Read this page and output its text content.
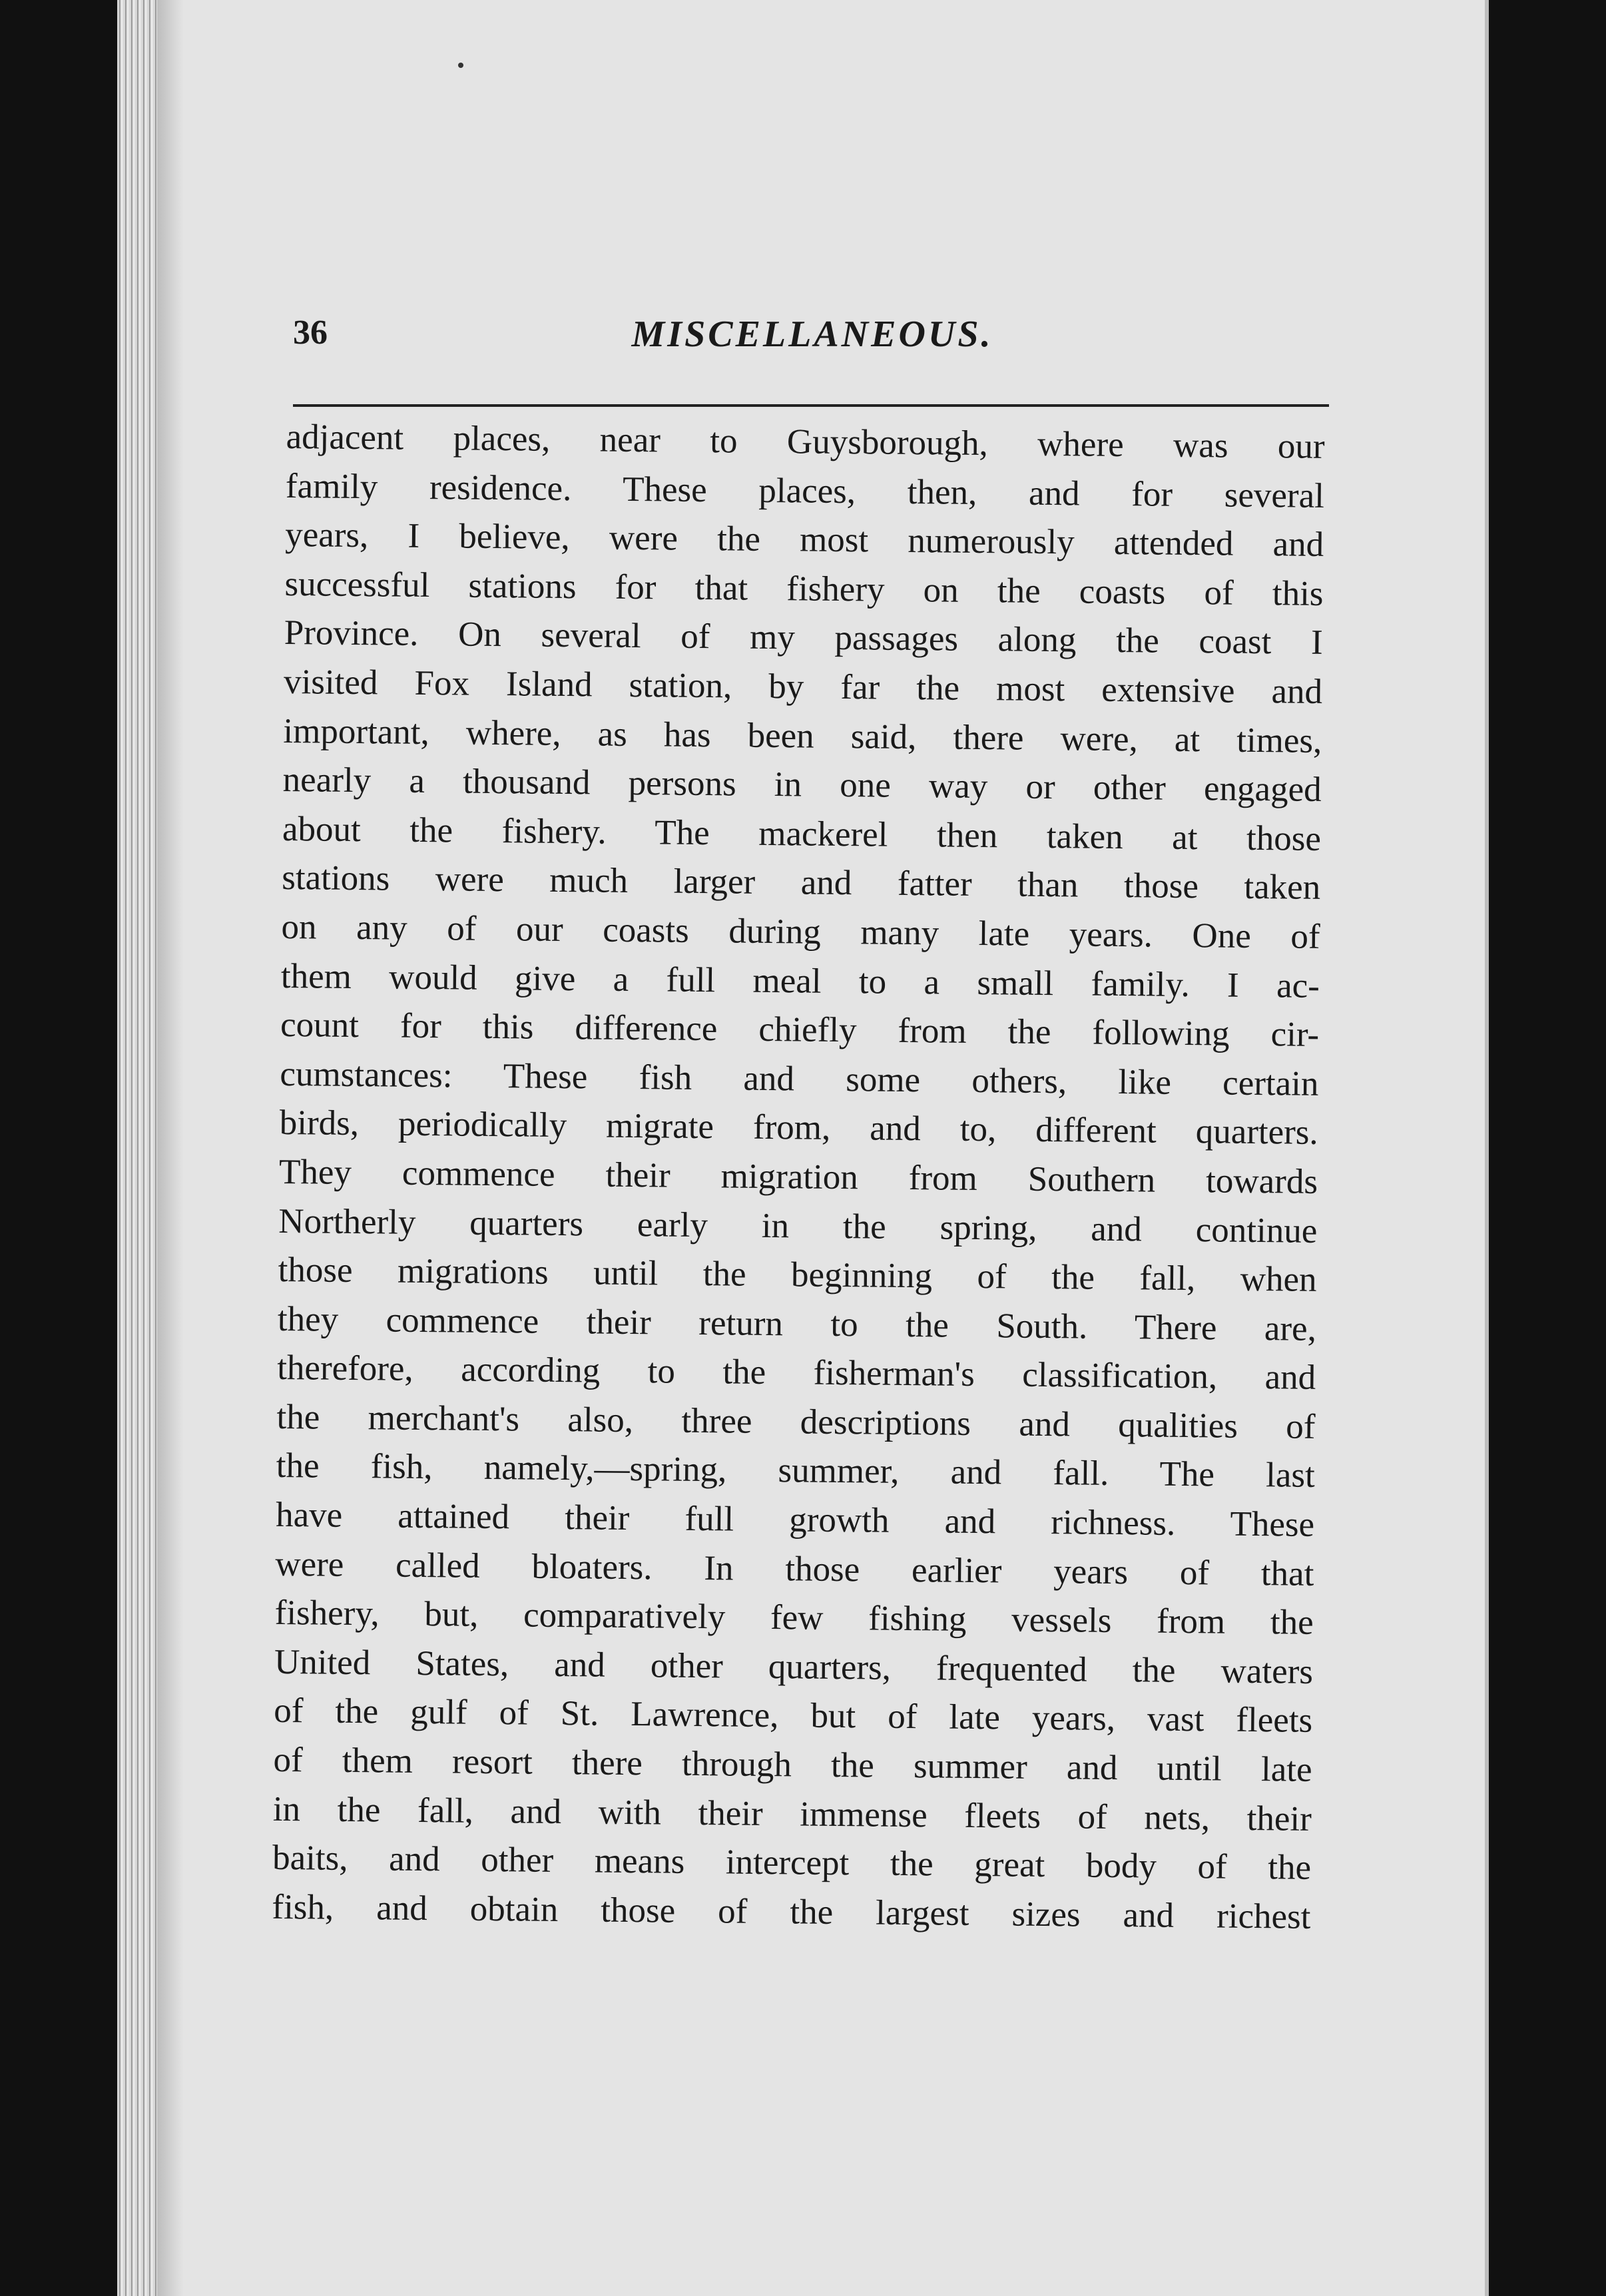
36	MISCELLANEOUS.
adjacent places, near to Guysborough, where was our
family residence. These places, then, and for several
years, I believe, were the most numerously attended and
successful stations for that fishery on the coasts of this
Province. On several of my passages along the coast I
visited Fox Island station, by far the most extensive and
important, where, as has been said, there were, at times,
nearly a thousand persons in one way or other engaged
about the fishery. The mackerel then taken at those
stations were much larger and fatter than those taken
on any of our coasts during many late years. One of
them would give a full meal to a small family. I ac-
count for this difference chiefly from the following cir-
cumstances: These fish and some others, like certain
birds, periodically migrate from, and to, different quarters.
They commence their migration from Southern towards
Northerly quarters early in the spring, and continue
those migrations until the beginning of the fall, when
they commence their return to the South. There are,
therefore, according to the fisherman's classification, and
the merchant's also, three descriptions and qualities of
the fish, namely,—spring, summer, and fall. The last
have attained their full growth and richness. These
were called bloaters. In those earlier years of that
fishery, but, comparatively few fishing vessels from the
United States, and other quarters, frequented the waters
of the gulf of St. Lawrence, but of late years, vast fleets
of them resort there through the summer and until late
in the fall, and with their immense fleets of nets, their
baits, and other means intercept the great body of the
fish, and obtain those of the largest sizes and richest
